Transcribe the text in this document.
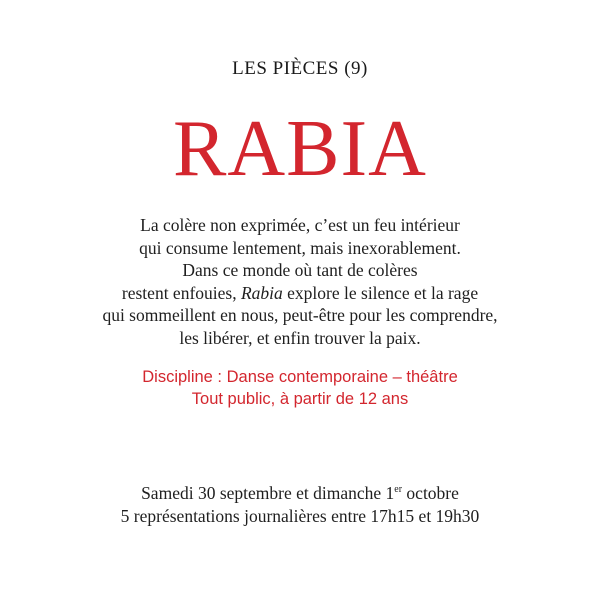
LES PIÈCES (9)
RABIA
La colère non exprimée, c’est un feu intérieur
qui consume lentement, mais inexorablement.
Dans ce monde où tant de colères
restent enfouies, Rabia explore le silence et la rage
qui sommeillent en nous, peut-être pour les comprendre,
les libérer, et enfin trouver la paix.
Discipline : Danse contemporaine – théâtre
Tout public, à partir de 12 ans
Samedi 30 septembre et dimanche 1er octobre
5 représentations journalières entre 17h15 et 19h30
